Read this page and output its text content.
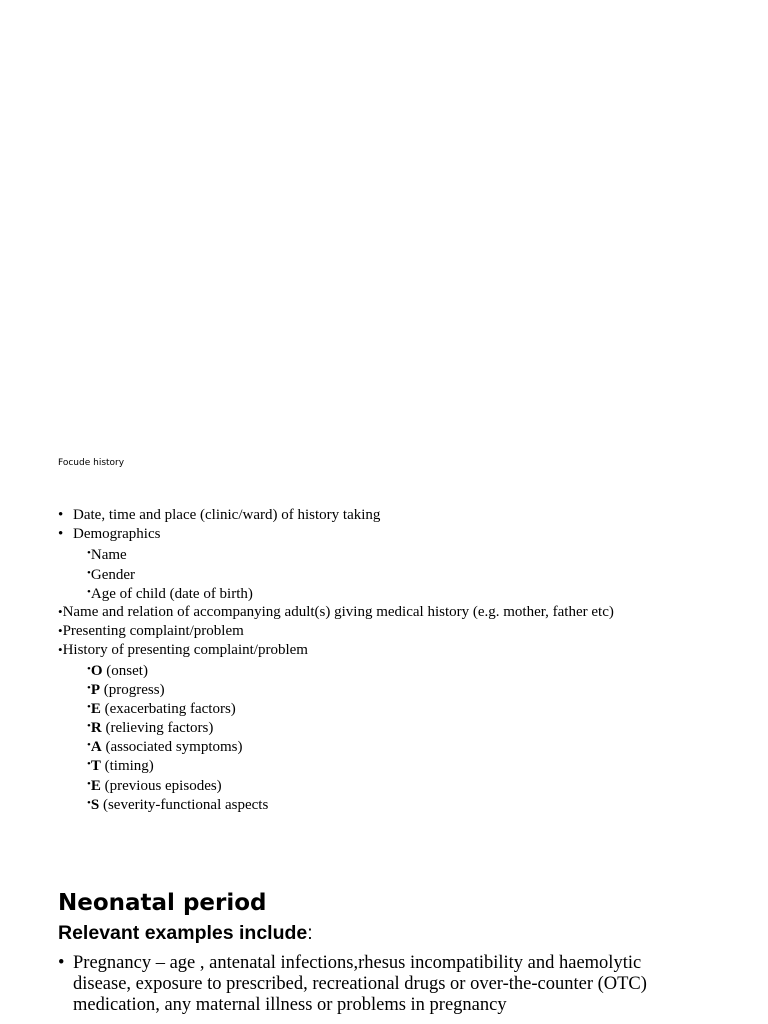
Focude history
• Date, time and place (clinic/ward) of history taking
• Demographics
•Name
•Gender
•Age of child (date of birth)
•Name and relation of accompanying adult(s) giving medical history (e.g. mother, father etc)
•Presenting complaint/problem
•History of presenting complaint/problem
•O (onset)
•P (progress)
•E (exacerbating factors)
•R (relieving factors)
•A (associated symptoms)
•T (timing)
•E (previous episodes)
•S (severity-functional aspects
Neonatal period
Relevant examples include:
• Pregnancy – age , antenatal infections,rhesus incompatibility and haemolytic disease, exposure to prescribed, recreational drugs or over-the-counter (OTC) medication, any maternal illness or problems in pregnancy
